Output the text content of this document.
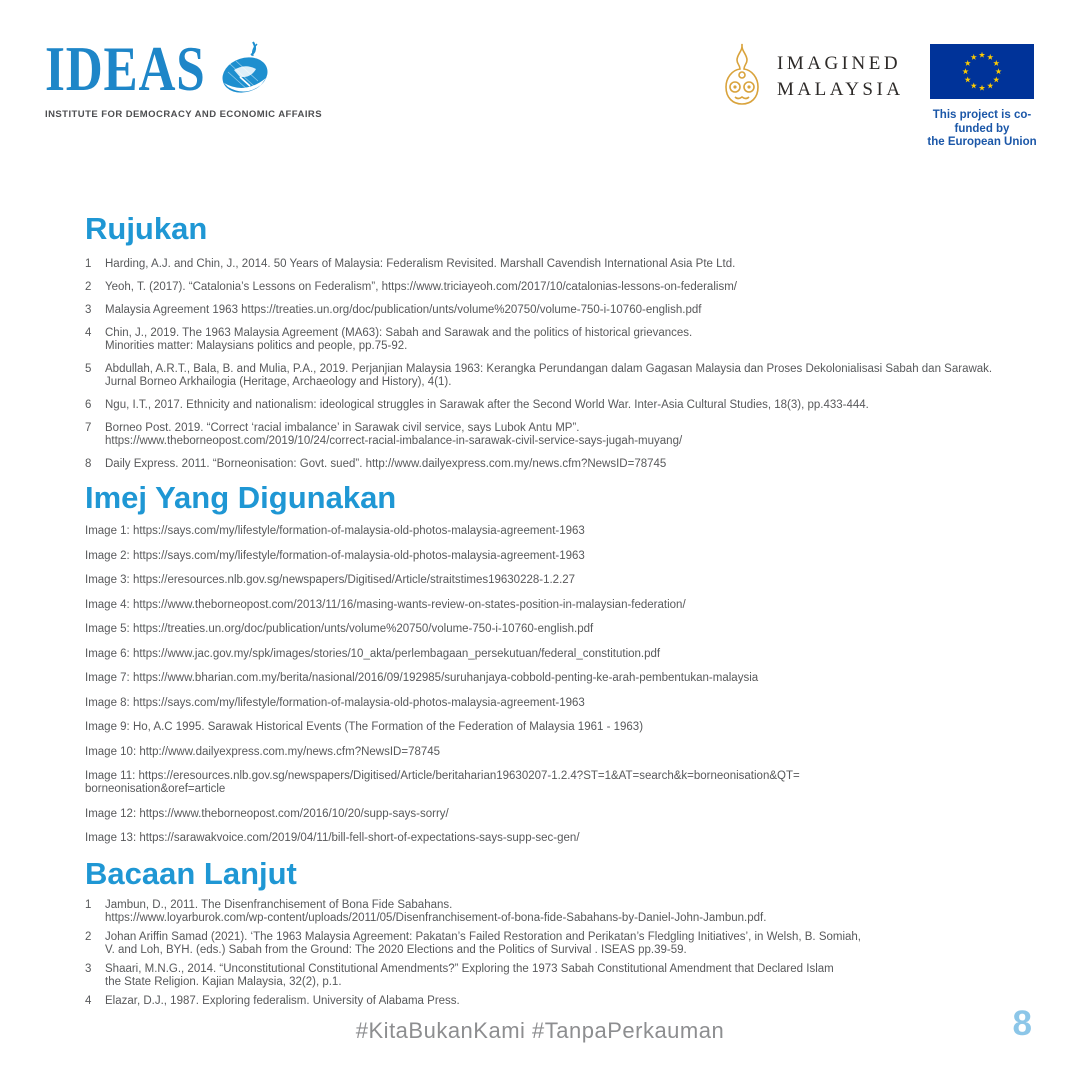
IDEAS
INSTITUTE FOR DEMOCRACY AND ECONOMIC AFFAIRS
IMAGINED
MALAYSIA
This project is co-funded by
the European Union
Rujukan
1	Harding, A.J. and Chin, J., 2014. 50 Years of Malaysia: Federalism Revisited. Marshall Cavendish International Asia Pte Ltd.
2	Yeoh, T. (2017). “Catalonia’s Lessons on Federalism”, https://www.triciayeoh.com/2017/10/catalonias-lessons-on-federalism/
3	Malaysia Agreement 1963 https://treaties.un.org/doc/publication/unts/volume%20750/volume-750-i-10760-english.pdf
4	Chin, J., 2019. The 1963 Malaysia Agreement (MA63): Sabah and Sarawak and the politics of historical grievances.
Minorities matter: Malaysians politics and people, pp.75-92.
5	Abdullah, A.R.T., Bala, B. and Mulia, P.A., 2019. Perjanjian Malaysia 1963: Kerangka Perundangan dalam Gagasan Malaysia dan Proses Dekolonialisasi Sabah dan Sarawak.
Jurnal Borneo Arkhailogia (Heritage, Archaeology and History), 4(1).
6	Ngu, I.T., 2017. Ethnicity and nationalism: ideological struggles in Sarawak after the Second World War. Inter-Asia Cultural Studies, 18(3), pp.433-444.
7	Borneo Post. 2019. “Correct ‘racial imbalance’ in Sarawak civil service, says Lubok Antu MP”.
https://www.theborneopost.com/2019/10/24/correct-racial-imbalance-in-sarawak-civil-service-says-jugah-muyang/
8	Daily Express. 2011. “Borneonisation: Govt. sued”. http://www.dailyexpress.com.my/news.cfm?NewsID=78745
Imej Yang Digunakan
Image 1: https://says.com/my/lifestyle/formation-of-malaysia-old-photos-malaysia-agreement-1963
Image 2: https://says.com/my/lifestyle/formation-of-malaysia-old-photos-malaysia-agreement-1963
Image 3: https://eresources.nlb.gov.sg/newspapers/Digitised/Article/straitstimes19630228-1.2.27
Image 4: https://www.theborneopost.com/2013/11/16/masing-wants-review-on-states-position-in-malaysian-federation/
Image 5: https://treaties.un.org/doc/publication/unts/volume%20750/volume-750-i-10760-english.pdf
Image 6: https://www.jac.gov.my/spk/images/stories/10_akta/perlembagaan_persekutuan/federal_constitution.pdf
Image 7: https://www.bharian.com.my/berita/nasional/2016/09/192985/suruhanjaya-cobbold-penting-ke-arah-pembentukan-malaysia
Image 8: https://says.com/my/lifestyle/formation-of-malaysia-old-photos-malaysia-agreement-1963
Image 9: Ho, A.C 1995. Sarawak Historical Events (The Formation of the Federation of Malaysia 1961 - 1963)
Image 10: http://www.dailyexpress.com.my/news.cfm?NewsID=78745
Image 11: https://eresources.nlb.gov.sg/newspapers/Digitised/Article/beritaharian19630207-1.2.4?ST=1&AT=search&k=borneonisation&QT=
borneonisation&oref=article
Image 12: https://www.theborneopost.com/2016/10/20/supp-says-sorry/
Image 13: https://sarawakvoice.com/2019/04/11/bill-fell-short-of-expectations-says-supp-sec-gen/
Bacaan Lanjut
1	Jambun, D., 2011. The Disenfranchisement of Bona Fide Sabahans.
https://www.loyarburok.com/wp-content/uploads/2011/05/Disenfranchisement-of-bona-fide-Sabahans-by-Daniel-John-Jambun.pdf.
2	Johan Ariffin Samad (2021). ‘The 1963 Malaysia Agreement: Pakatan’s Failed Restoration and Perikatan’s Fledgling Initiatives’, in Welsh, B. Somiah,
V. and Loh, BYH. (eds.) Sabah from the Ground: The 2020 Elections and the Politics of Survival . ISEAS pp.39-59.
3	Shaari, M.N.G., 2014. “Unconstitutional Constitutional Amendments?” Exploring the 1973 Sabah Constitutional Amendment that Declared Islam
the State Religion. Kajian Malaysia, 32(2), p.1.
4	Elazar, D.J., 1987. Exploring federalism. University of Alabama Press.
#KitaBukanKami #TanpaPerkauman	8
